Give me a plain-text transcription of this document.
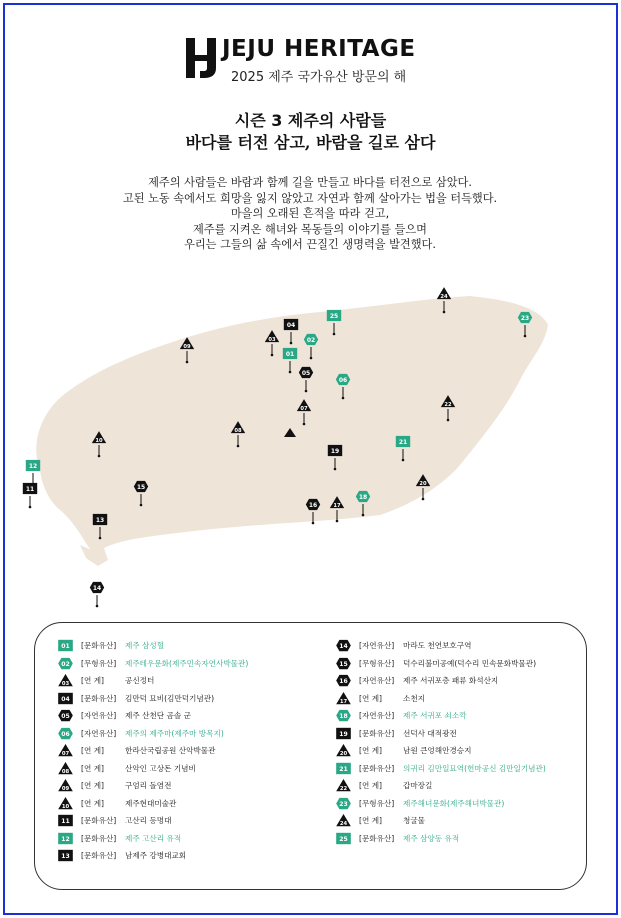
JEJU HERITAGE
2025 제주 국가유산 방문의 해
시즌 3 제주의 사람들
바다를 터전 삼고, 바람을 길로 삼다
제주의 사람들은 바람과 함께 길을 만들고 바다를 터전으로 삼았다.
고된 노동 속에서도 희망을 잃지 않았고 자연과 함께 살아가는 법을 터득했다.
마을의 오래된 흔적을 따라 걷고,
제주를 지켜온 해녀와 목동들의 이야기를 들으며
우리는 그들의 삶 속에서 끈질긴 생명력을 발견했다.
10
11
12
13
14
15
16 17
18
19
20
21
22
23
24
25
01
02
03
04
05
06
07
08
09
01 [문화유산]	제주 삼성혈
02 [무형유산]	제주테우문화(제주민속자연사박물관)
03 [연 계]	공신정터
04 [문화유산]	김만덕 묘비(김만덕기념관)
05 [자연유산]	제주 산천단 곰솔 군
06 [자연유산]	제주의 제주마(제주마 방목지)
07 [연 계]	한라산국립공원 산악박물관
08 [연 계]	산악인 고상돈 기념비
09 [연 계]	구엄리 돌염전
10 [연 계]	제주현대미술관
11 [문화유산]	고산리 등명대
12 [문화유산]	제주 고산리 유적
13 [문화유산]	남제주 강병대교회
14 [자연유산]	마라도 천연보호구역
15 [무형유산]	덕수리불미공예(덕수리 민속문화박물관)
16 [자연유산]	제주 서귀포층 패류 화석산지
17 [연 계]	소천지
18 [자연유산]	제주 서귀포 쇠소깍
19 [문화유산]	선덕사 대적광전
20 [연 계]	남원 큰엉해안경승지
21 [문화유산]	의귀리 김만일묘역(헌마공신 김만일기념관)
22 [연 계]	갑마장길
23 [무형유산]	제주해녀문화(제주해녀박물관)
24 [연 계]	청굴물
25 [문화유산]	제주 삼양동 유적
